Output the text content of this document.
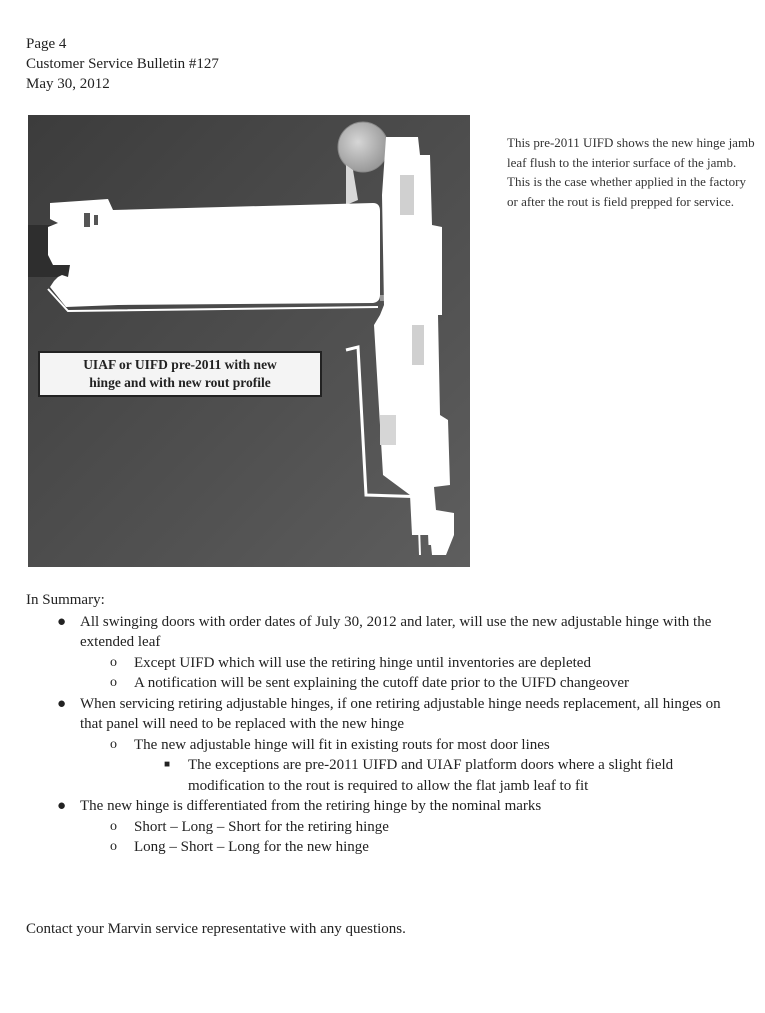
Page 4
Customer Service Bulletin #127
May 30, 2012
UIAF or UIFD pre-2011 with new
hinge and with new rout profile
This pre-2011 UIFD shows the new hinge jamb leaf flush to the interior surface of the jamb. This is the case whether applied in the factory or after the rout is field prepped for service.
In Summary:
● All swinging doors with order dates of July 30, 2012 and later, will use the new adjustable hinge with the extended leaf
o Except UIFD which will use the retiring hinge until inventories are depleted
o A notification will be sent explaining the cutoff date prior to the UIFD changeover
● When servicing retiring adjustable hinges, if one retiring adjustable hinge needs replacement, all hinges on that panel will need to be replaced with the new hinge
o The new adjustable hinge will fit in existing routs for most door lines
■ The exceptions are pre-2011 UIFD and UIAF platform doors where a slight field modification to the rout is required to allow the flat jamb leaf to fit
● The new hinge is differentiated from the retiring hinge by the nominal marks
o Short – Long – Short for the retiring hinge
o Long – Short – Long for the new hinge
Contact your Marvin service representative with any questions.
